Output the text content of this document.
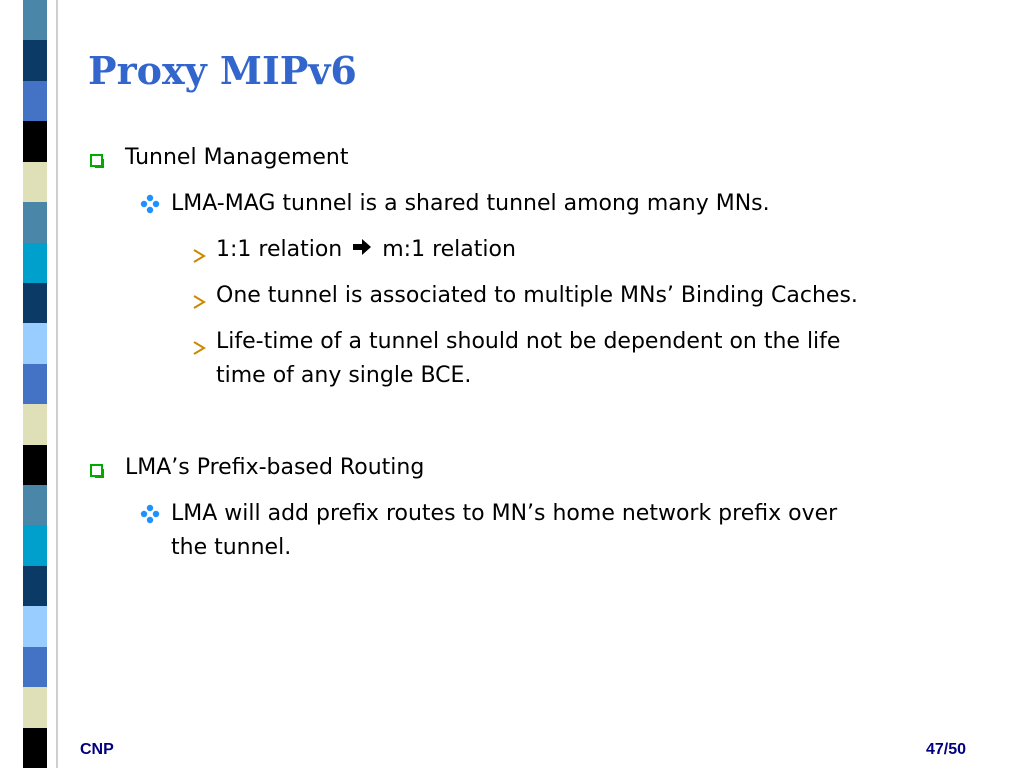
Proxy MIPv6
Tunnel Management
LMA-MAG tunnel is a shared tunnel among many MNs.
1:1 relation m:1 relation
One tunnel is associated to multiple MNs’ Binding Caches.
Life-time of a tunnel should not be dependent on the life
time of any single BCE.
LMA’s Prefix-based Routing
LMA will add prefix routes to MN’s home network prefix over
the tunnel.
CNP	47/50
